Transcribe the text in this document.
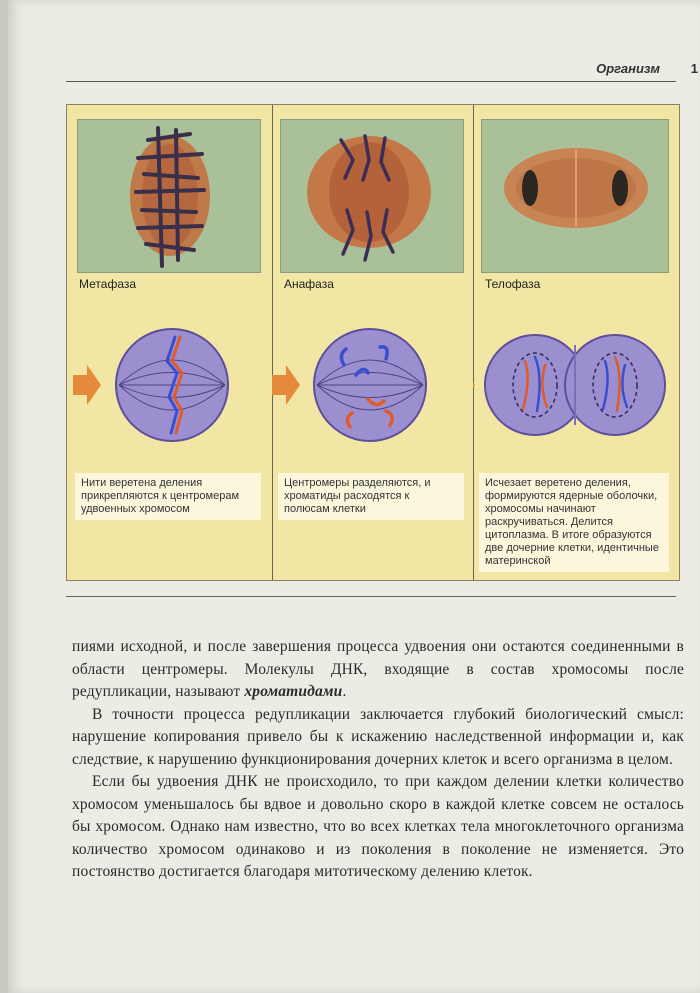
Организм 1
Метафаза
Нити веретена деления прикрепляются к центромерам удвоенных хромосом
Анафаза
Центромеры разделяются, и хроматиды расходятся к полюсам клетки
Телофаза
Исчезает веретено деления, формируются ядерные оболочки, хромосомы начинают раскручиваться. Делится цитоплазма. В итоге образуются две дочерние клетки, идентичные материнской

пиями исходной, и после завершения процесса удвоения они остаются соединенными в области центромеры. Молекулы ДНК, входящие в состав хромосомы после редупликации, называют хроматидами.

В точности процесса редупликации заключается глубокий биологический смысл: нарушение копирования привело бы к искажению наследственной информации и, как следствие, к нарушению функционирования дочерних клеток и всего организма в целом.

Если бы удвоения ДНК не происходило, то при каждом делении клетки количество хромосом уменьшалось бы вдвое и довольно скоро в каждой клетке совсем не осталось бы хромосом. Однако нам известно, что во всех клетках тела многоклеточного организма количество хромосом одинаково и из поколения в поколение не изменяется. Это постоянство достигается благодаря митотическому делению клеток.
